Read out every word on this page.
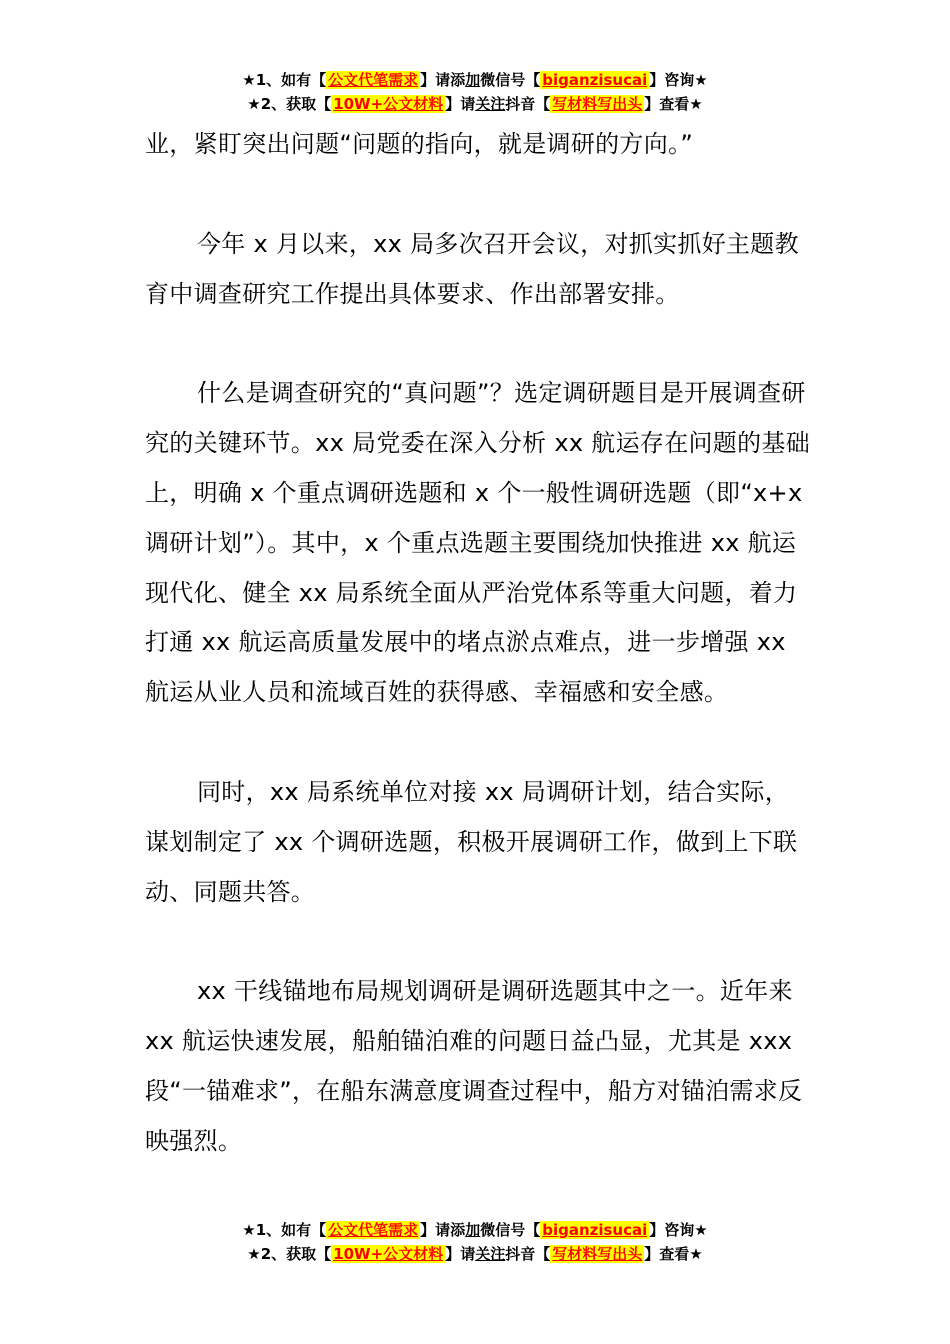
★1、如有【 公文代笔需求 】请添加微信号【 biganzisucai 】咨询★
★2、获取【 10W+公文材料 】请关注抖音【 写材料写出头 】查看★

业，紧盯突出问题“问题的指向，就是调研的方向。”

今年 x 月以来，xx 局多次召开会议，对抓实抓好主题教育中调查研究工作提出具体要求、作出部署安排。

什么是调查研究的“真问题”？选定调研题目是开展调查研究的关键环节。xx 局党委在深入分析 xx 航运存在问题的基础上，明确 x 个重点调研选题和 x 个一般性调研选题（即“x+x 调研计划”）。其中，x 个重点选题主要围绕加快推进 xx 航运现代化、健全 xx 局系统全面从严治党体系等重大问题，着力打通 xx 航运高质量发展中的堵点淤点难点，进一步增强 xx 航运从业人员和流域百姓的获得感、幸福感和安全感。

同时，xx 局系统单位对接 xx 局调研计划，结合实际，谋划制定了 xx 个调研选题，积极开展调研工作，做到上下联动、同题共答。

xx 干线锚地布局规划调研是调研选题其中之一。近年来 xx 航运快速发展，船舶锚泊难的问题日益凸显，尤其是 xxx 段“一锚难求”，在船东满意度调查过程中，船方对锚泊需求反映强烈。

★1、如有【 公文代笔需求 】请添加微信号【 biganzisucai 】咨询★
★2、获取【 10W+公文材料 】请关注抖音【 写材料写出头 】查看★
